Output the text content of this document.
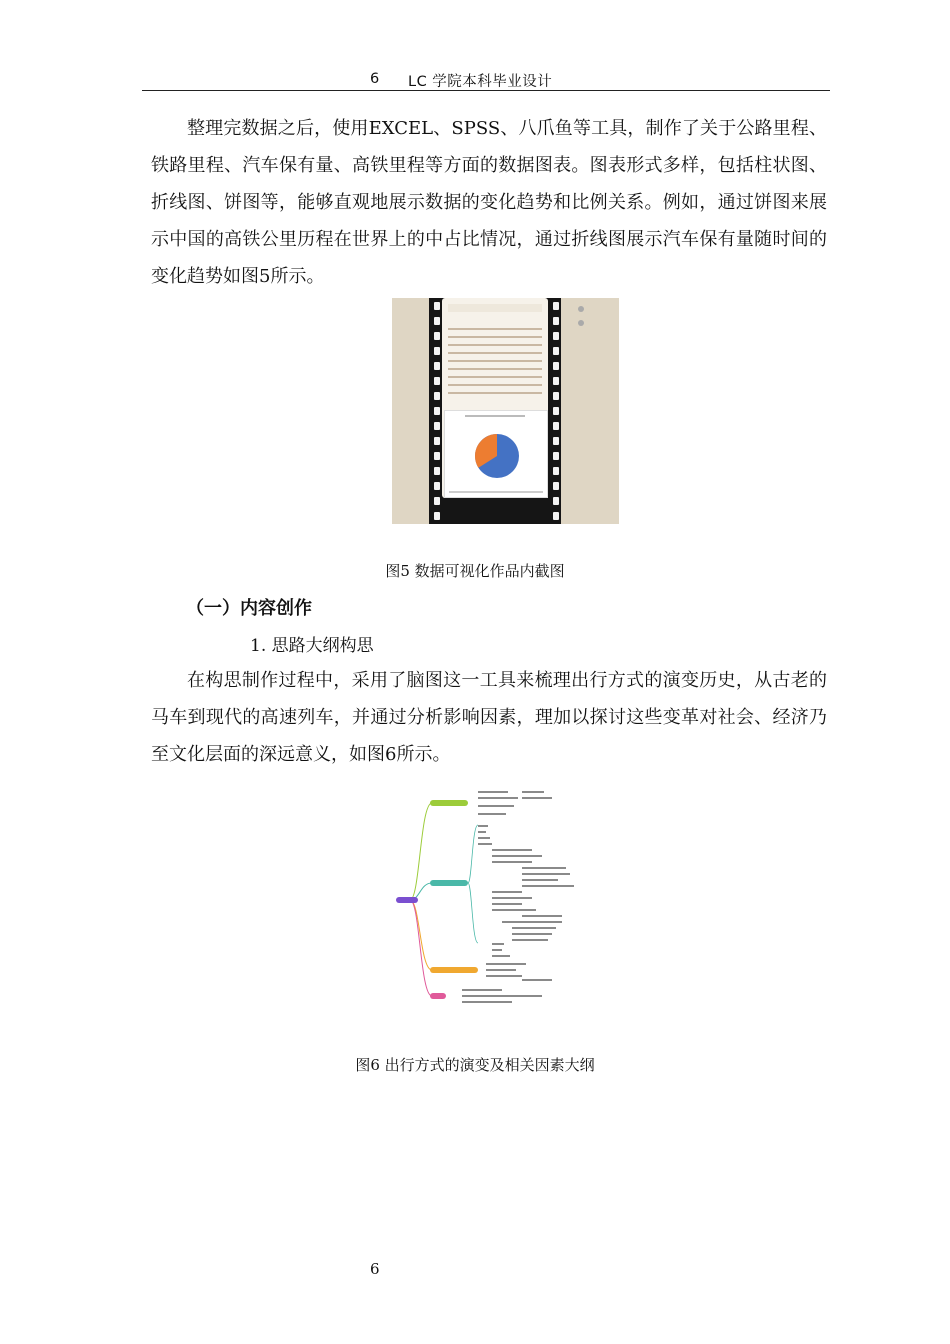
6 LC 学院本科毕业设计

整理完数据之后，使用EXCEL、SPSS、八爪鱼等工具，制作了关于公路里程、铁路里程、汽车保有量、高铁里程等方面的数据图表。图表形式多样，包括柱状图、折线图、饼图等，能够直观地展示数据的变化趋势和比例关系。例如，通过饼图来展示中国的高铁公里历程在世界上的中占比情况，通过折线图展示汽车保有量随时间的变化趋势如图5所示。

图5 数据可视化作品内截图
（一）内容创作
1. 思路大纲构思

在构思制作过程中，采用了脑图这一工具来梳理出行方式的演变历史，从古老的马车到现代的高速列车，并通过分析影响因素，理加以探讨这些变革对社会、经济乃至文化层面的深远意义，如图6所示。

图6 出行方式的演变及相关因素大纲
6
